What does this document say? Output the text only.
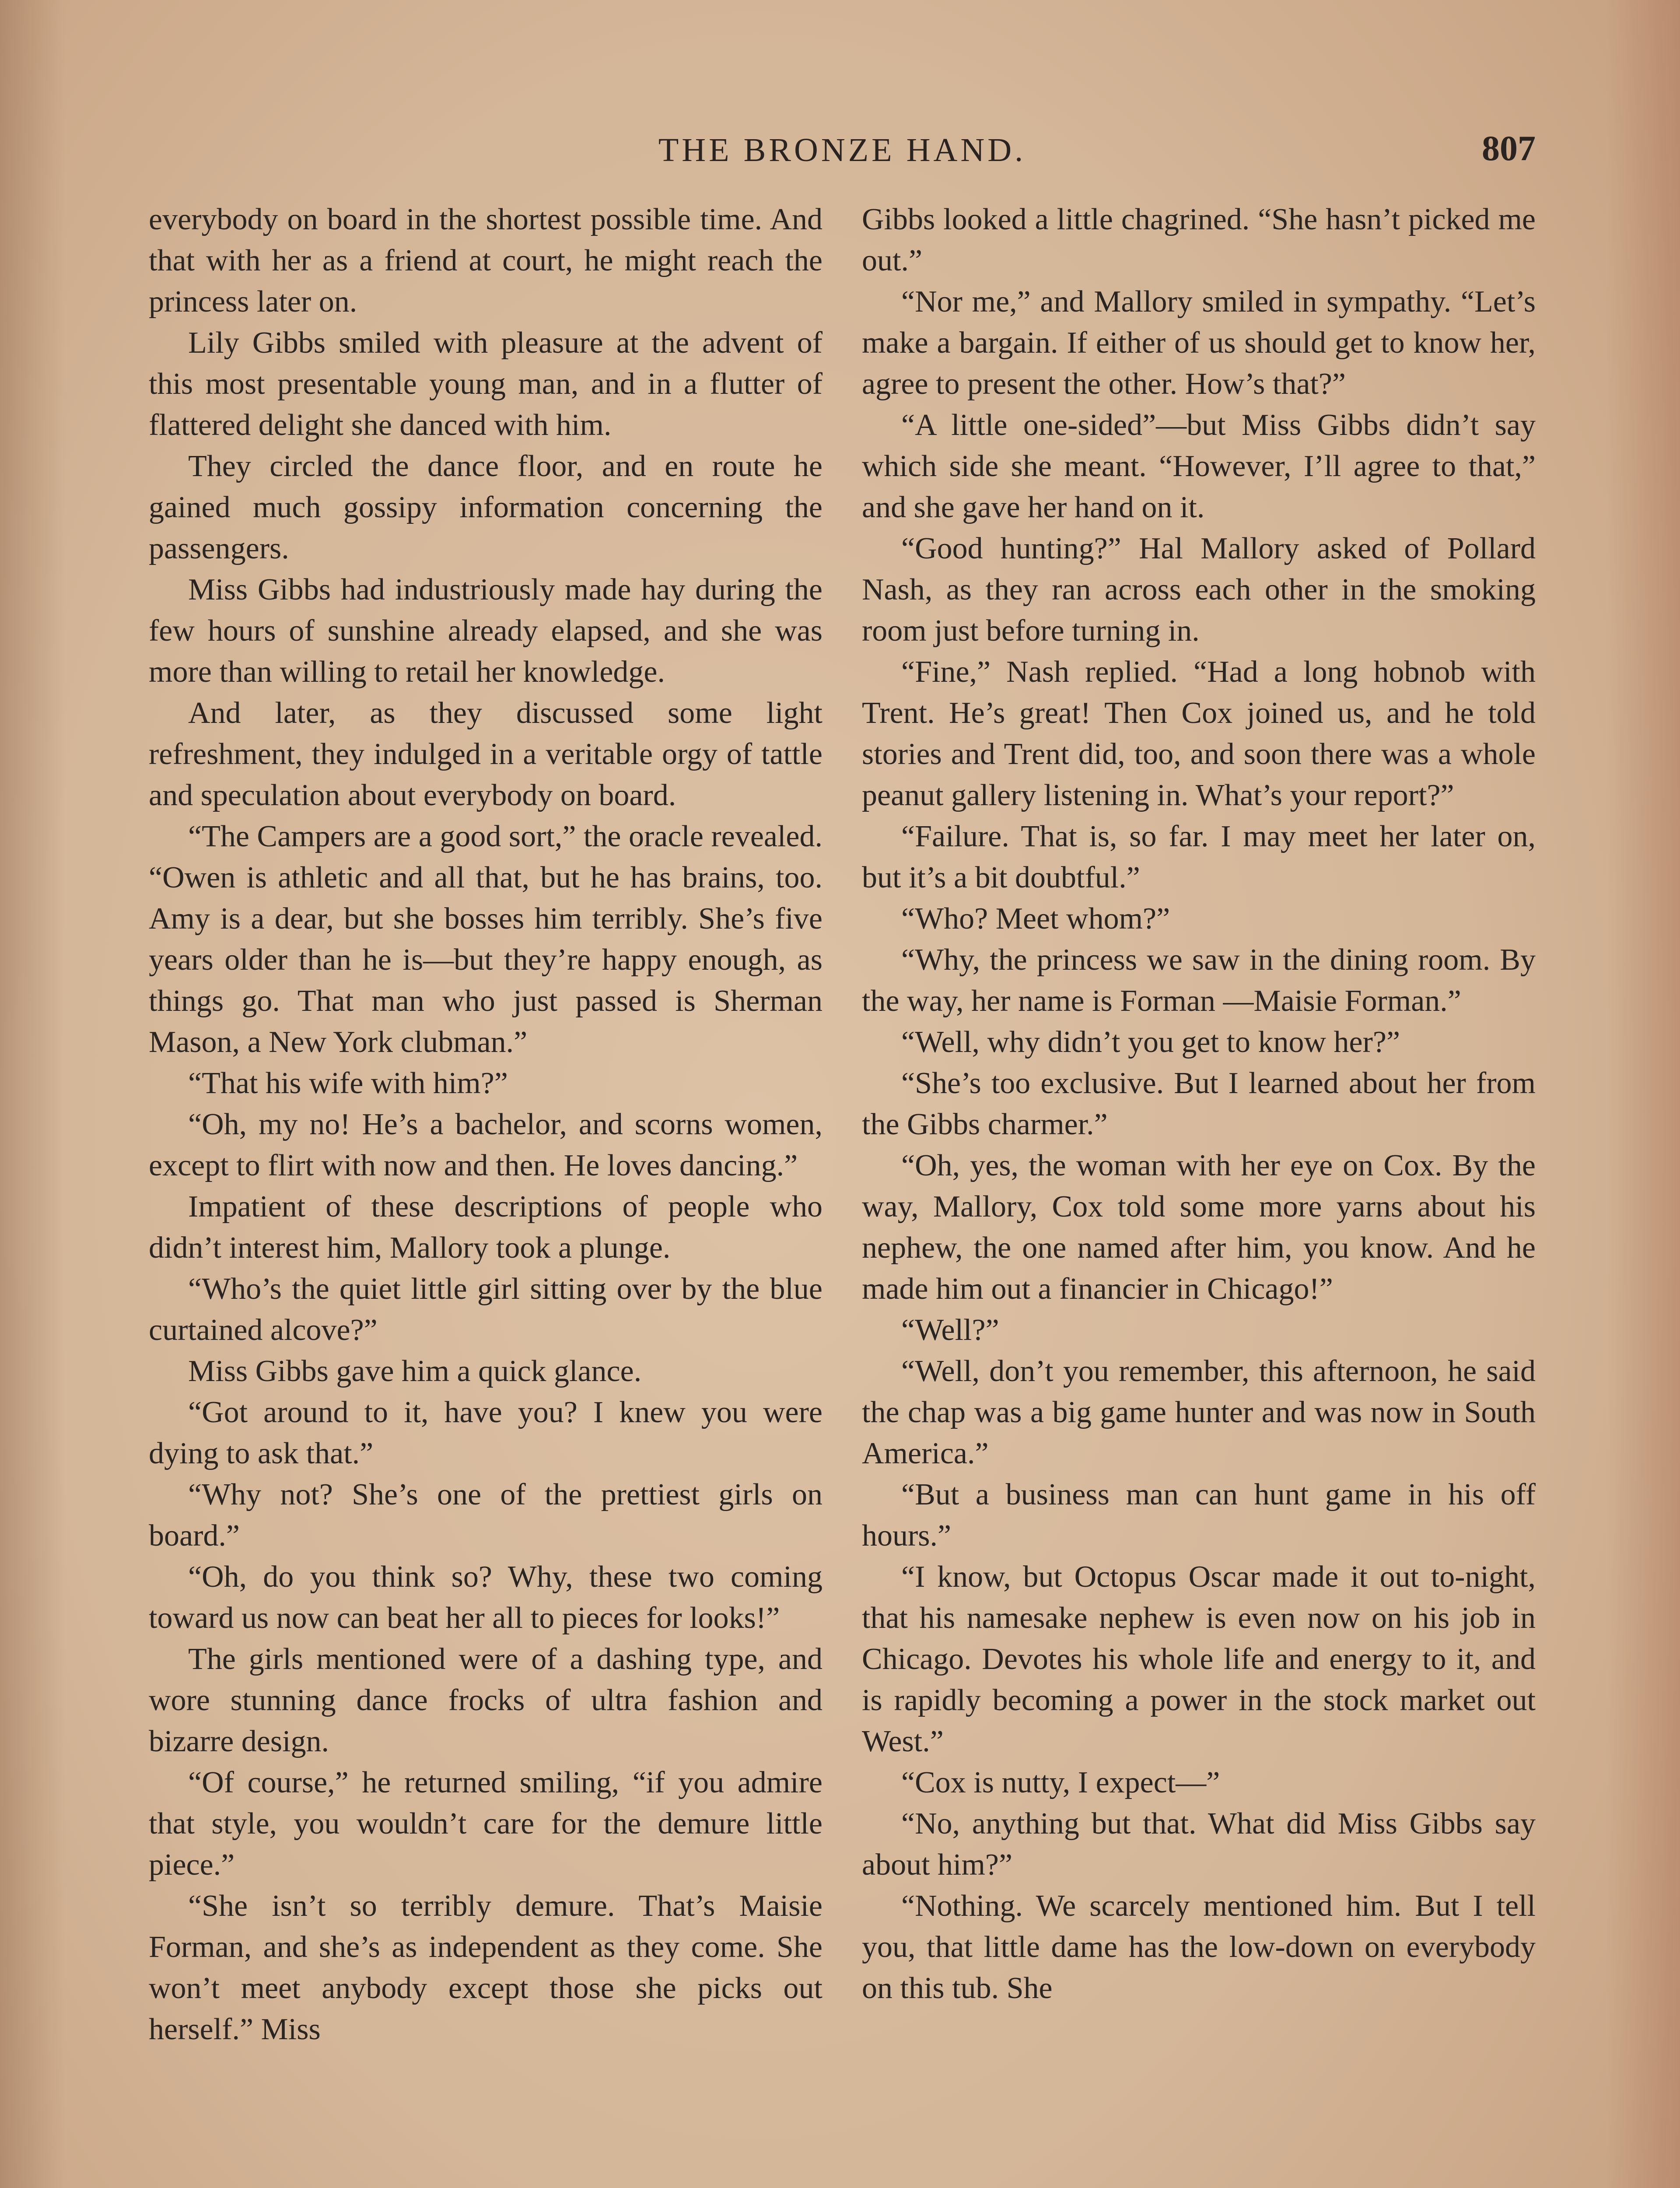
THE BRONZE HAND.	807

everybody on board in the shortest possible time. And that with her as a friend at court, he might reach the princess later on.

Lily Gibbs smiled with pleasure at the advent of this most presentable young man, and in a flutter of flattered delight she danced with him.

They circled the dance floor, and en route he gained much gossipy information concerning the passengers.

Miss Gibbs had industriously made hay during the few hours of sunshine already elapsed, and she was more than willing to retail her knowledge.

And later, as they discussed some light refreshment, they indulged in a veritable orgy of tattle and speculation about everybody on board.

“The Campers are a good sort,” the oracle revealed. “Owen is athletic and all that, but he has brains, too. Amy is a dear, but she bosses him terribly. She’s five years older than he is—but they’re happy enough, as things go. That man who just passed is Sherman Mason, a New York clubman.”

“That his wife with him?”

“Oh, my no! He’s a bachelor, and scorns women, except to flirt with now and then. He loves dancing.”

Impatient of these descriptions of people who didn’t interest him, Mallory took a plunge.

“Who’s the quiet little girl sitting over by the blue curtained alcove?”

Miss Gibbs gave him a quick glance.

“Got around to it, have you? I knew you were dying to ask that.”

“Why not? She’s one of the prettiest girls on board.”

“Oh, do you think so? Why, these two coming toward us now can beat her all to pieces for looks!”

The girls mentioned were of a dashing type, and wore stunning dance frocks of ultra fashion and bizarre design.

“Of course,” he returned smiling, “if you admire that style, you wouldn’t care for the demure little piece.”

“She isn’t so terribly demure. That’s Maisie Forman, and she’s as independent as they come. She won’t meet anybody except those she picks out herself.” Miss

Gibbs looked a little chagrined. “She hasn’t picked me out.”

“Nor me,” and Mallory smiled in sympathy. “Let’s make a bargain. If either of us should get to know her, agree to present the other. How’s that?”

“A little one-sided”—but Miss Gibbs didn’t say which side she meant. “However, I’ll agree to that,” and she gave her hand on it.

“Good hunting?” Hal Mallory asked of Pollard Nash, as they ran across each other in the smoking room just before turning in.

“Fine,” Nash replied. “Had a long hobnob with Trent. He’s great! Then Cox joined us, and he told stories and Trent did, too, and soon there was a whole peanut gallery listening in. What’s your report?”

“Failure. That is, so far. I may meet her later on, but it’s a bit doubtful.”

“Who? Meet whom?”

“Why, the princess we saw in the dining room. By the way, her name is Forman —Maisie Forman.”

“Well, why didn’t you get to know her?”

“She’s too exclusive. But I learned about her from the Gibbs charmer.”

“Oh, yes, the woman with her eye on Cox. By the way, Mallory, Cox told some more yarns about his nephew, the one named after him, you know. And he made him out a financier in Chicago!”

“Well?”

“Well, don’t you remember, this afternoon, he said the chap was a big game hunter and was now in South America.”

“But a business man can hunt game in his off hours.”

“I know, but Octopus Oscar made it out to-night, that his namesake nephew is even now on his job in Chicago. Devotes his whole life and energy to it, and is rapidly becoming a power in the stock market out West.”

“Cox is nutty, I expect—”

“No, anything but that. What did Miss Gibbs say about him?”

“Nothing. We scarcely mentioned him. But I tell you, that little dame has the low-down on everybody on this tub. She
